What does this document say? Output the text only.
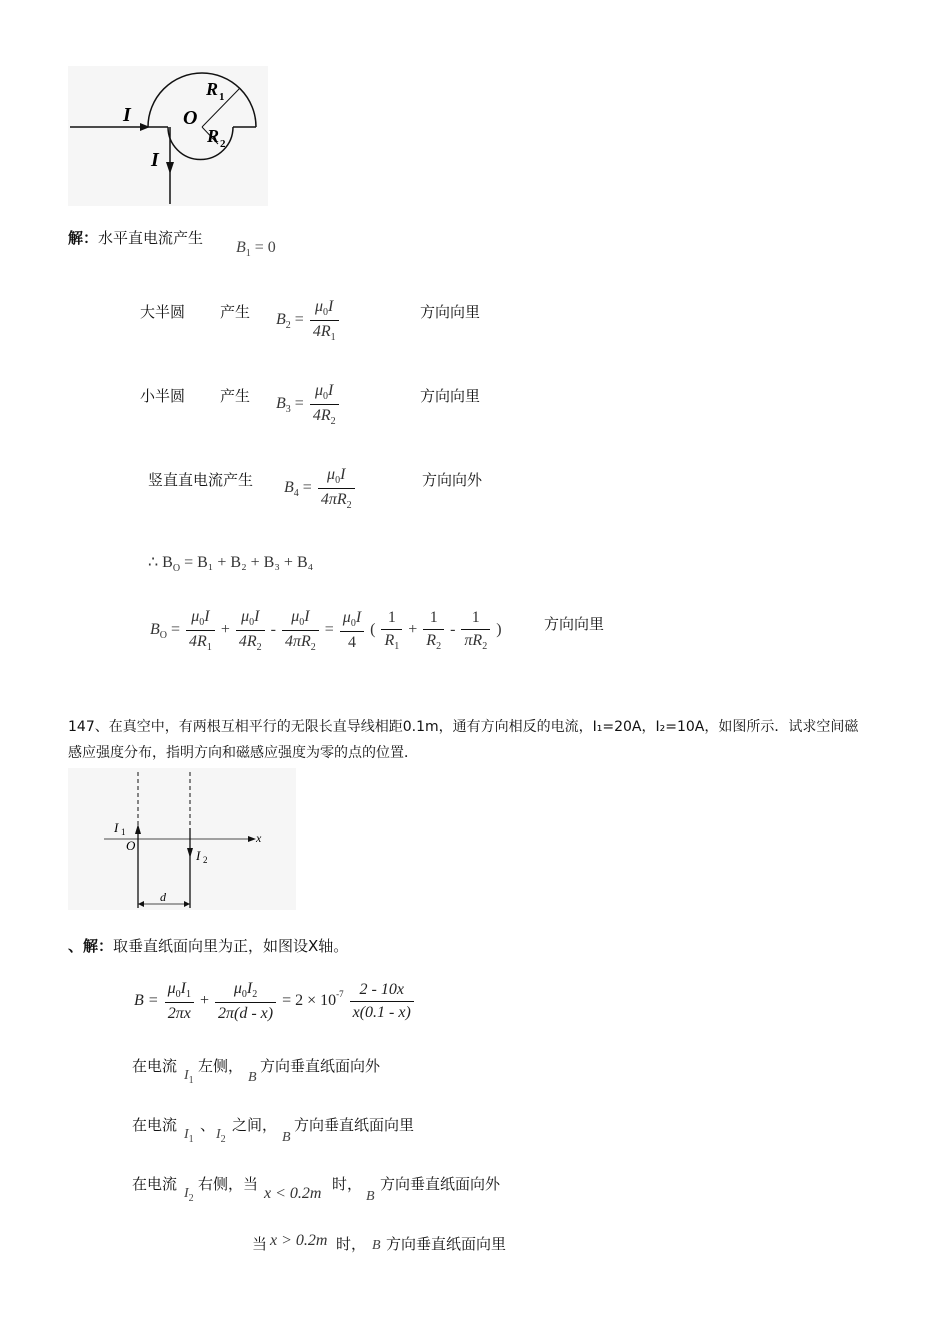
I
R 1
O
R 2
I
解：水平直电流产生
$B_1 = 0$
大半圆 产生 $B_2 = \frac{\mu_0I}{4R_1}$	方向向里
小半圆 产生 $B_3 = \frac{\mu_0I}{4R_2}$	方向向里
竖直直电流产生 $B_4 = \frac{\mu_0I}{4\pi R_2}$	方向向外
∴ $B_O = B_1 + B_2 + B_3 + B_4$
$B_O = \frac{\mu_0I}{4R_1} + \frac{\mu_0I}{4R_2} - \frac{\mu_0I}{4\pi R_2} = \frac{\mu_0I}{4}$ ( $\frac{1}{R_1} + \frac{1}{R_2} - \frac{1}{\pi R_2}$ )	方向向里
147、在真空中，有两根互相平行的无限长直导线相距0.1m，通有方向相反的电流，I₁=20A，I₂=10A，如图所示．试求空间磁
感应强度分布，指明方向和磁感应强度为零的点的位置．
I 1
O
I 2
x
d
、解：取垂直纸面向里为正，如图设X轴。
$B = \frac{\mu_0I_1}{2\pi x} + \frac{\mu_0I_2}{2\pi(d - x)} = 2 \times 10^{-7} \frac{2 - 10x}{x(0.1 - x)}$
在电流
$I_1$
左侧，
B
方向垂直纸面向外
在电流
$I_1$
、
$I_2$
之间，
B
方向垂直纸面向里
在电流
$I_2$
右侧，当
x < 0.2m
时，
B
方向垂直纸面向外
当 x > 0.2m 时， B 方向垂直纸面向里
